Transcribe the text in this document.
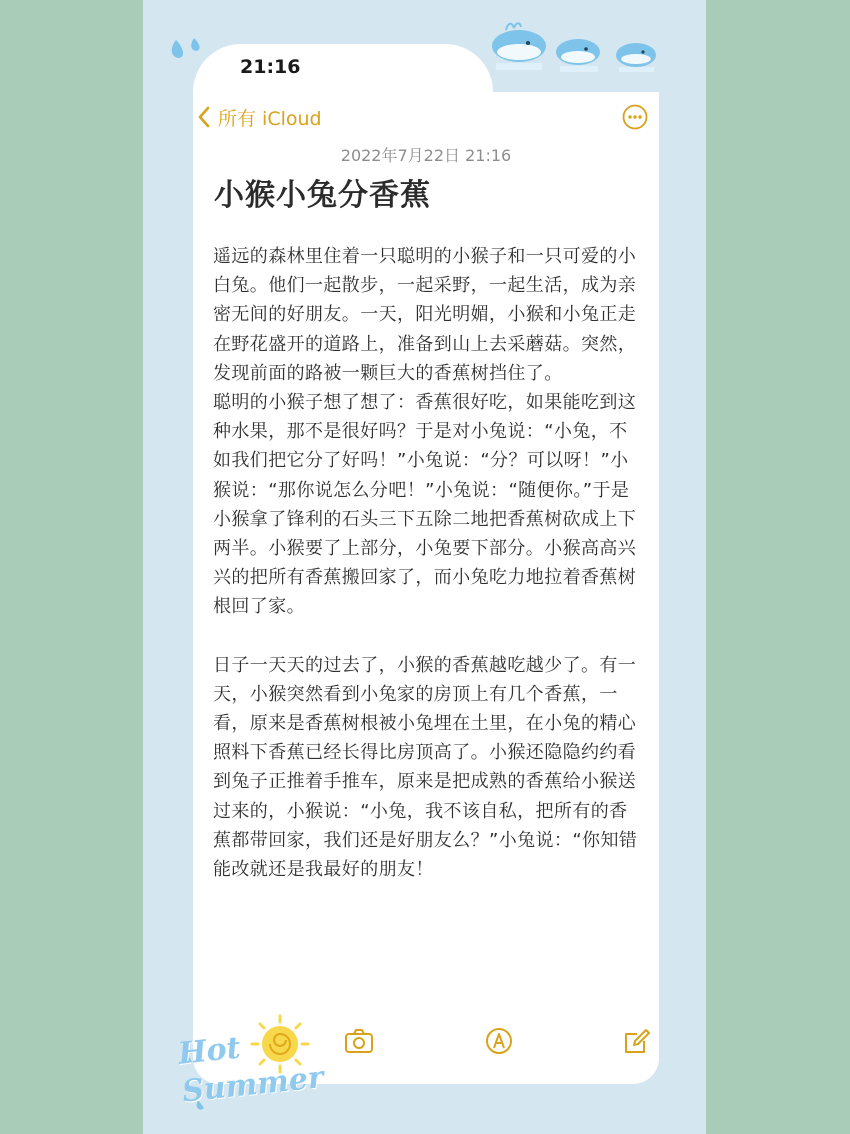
21:16
所有 iCloud
2022年7月22日 21:16
小猴小兔分香蕉

遥远的森林里住着一只聪明的小猴子和一只可爱的小白兔。他们一起散步，一起采野，一起生活，成为亲密无间的好朋友。一天，阳光明媚，小猴和小兔正走在野花盛开的道路上，准备到山上去采蘑菇。突然，发现前面的路被一颗巨大的香蕉树挡住了。

聪明的小猴子想了想了：香蕉很好吃，如果能吃到这种水果，那不是很好吗？于是对小兔说：“小兔，不如我们把它分了好吗！”小兔说：“分？可以呀！”小猴说：“那你说怎么分吧！”小兔说：“随便你。”于是小猴拿了锋利的石头三下五除二地把香蕉树砍成上下两半。小猴要了上部分，小兔要下部分。小猴高高兴兴的把所有香蕉搬回家了，而小兔吃力地拉着香蕉树根回了家。

日子一天天的过去了，小猴的香蕉越吃越少了。有一天，小猴突然看到小兔家的房顶上有几个香蕉，一看，原来是香蕉树根被小兔埋在土里，在小兔的精心照料下香蕉已经长得比房顶高了。小猴还隐隐约约看到兔子正推着手推车，原来是把成熟的香蕉给小猴送过来的，小猴说：“小兔，我不该自私，把所有的香蕉都带回家，我们还是好朋友么？”小兔说：“你知错能改就还是我最好的朋友！

Hot Summer
